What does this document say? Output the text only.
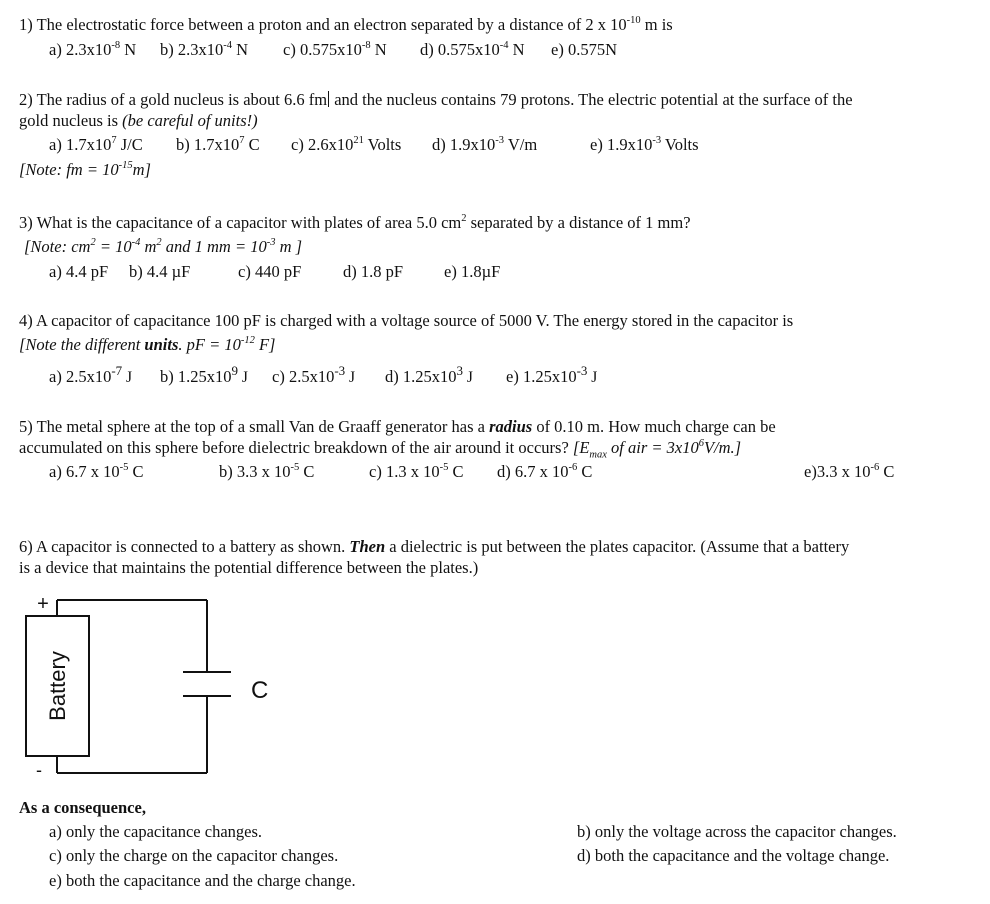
1) The electrostatic force between a proton and an electron separated by a distance of 2 x $10^{-10}$ m is
a) $2.3x10^{-8}$ N b) $2.3x10^{-4}$ N c) $0.575x10^{-8}$ N d) $0.575x10^{-4}$ N e) 0.575N
2) The radius of a gold nucleus is about 6.6 fm and the nucleus contains 79 protons. The electric potential at the surface of the
gold nucleus is (be careful of units!)
a) $1.7x10^7$ J/C b) $1.7x10^7$ C c) $2.6x10^{21}$ Volts d) $1.9x10^{-3}$ V/m	e) $1.9x10^{-3}$ Volts
[Note: fm = $10^{-15}m$]
3) What is the capacitance of a capacitor with plates of area 5.0 $cm^2$ separated by a distance of 1 mm?
[Note: $cm^2 = 10^{-4}$ $m^2$ and 1 mm = $10^{-3}$ m ]
a) 4.4 pF b) 4.4 µF	c) 440 pF	d) 1.8 pF e) 1.8µF
4) A capacitor of capacitance 100 pF is charged with a voltage source of 5000 V. The energy stored in the capacitor is
[Note the different units. pF = $10^{-12}$ F]
a) $2.5x10^{-7}$ J b) $1.25x10^9$ J c) $2.5x10^{-3}$ J d) $1.25x10^3$ J e) $1.25x10^{-3}$ J
5) The metal sphere at the top of a small Van de Graaff generator has a radius of 0.10 m. How much charge can be
accumulated on this sphere before dielectric breakdown of the air around it occurs? [$E_{max}$ of air = $3x10^6V/m$.]
a) 6.7 x $10^{-5}$ C	b) 3.3 x $10^{-5}$ C	c) 1.3 x $10^{-5}$ C d) 6.7 x $10^{-6}$ C	e)3.3 x $10^{-6}$ C
6) A capacitor is connected to a battery as shown. Then a dielectric is put between the plates capacitor. (Assume that a battery
is a device that maintains the potential difference between the plates.)
+
-
Battery	C
As a consequence,
a) only the capacitance changes.	b) only the voltage across the capacitor changes.
c) only the charge on the capacitor changes.	d) both the capacitance and the voltage change.
e) both the capacitance and the charge change.
